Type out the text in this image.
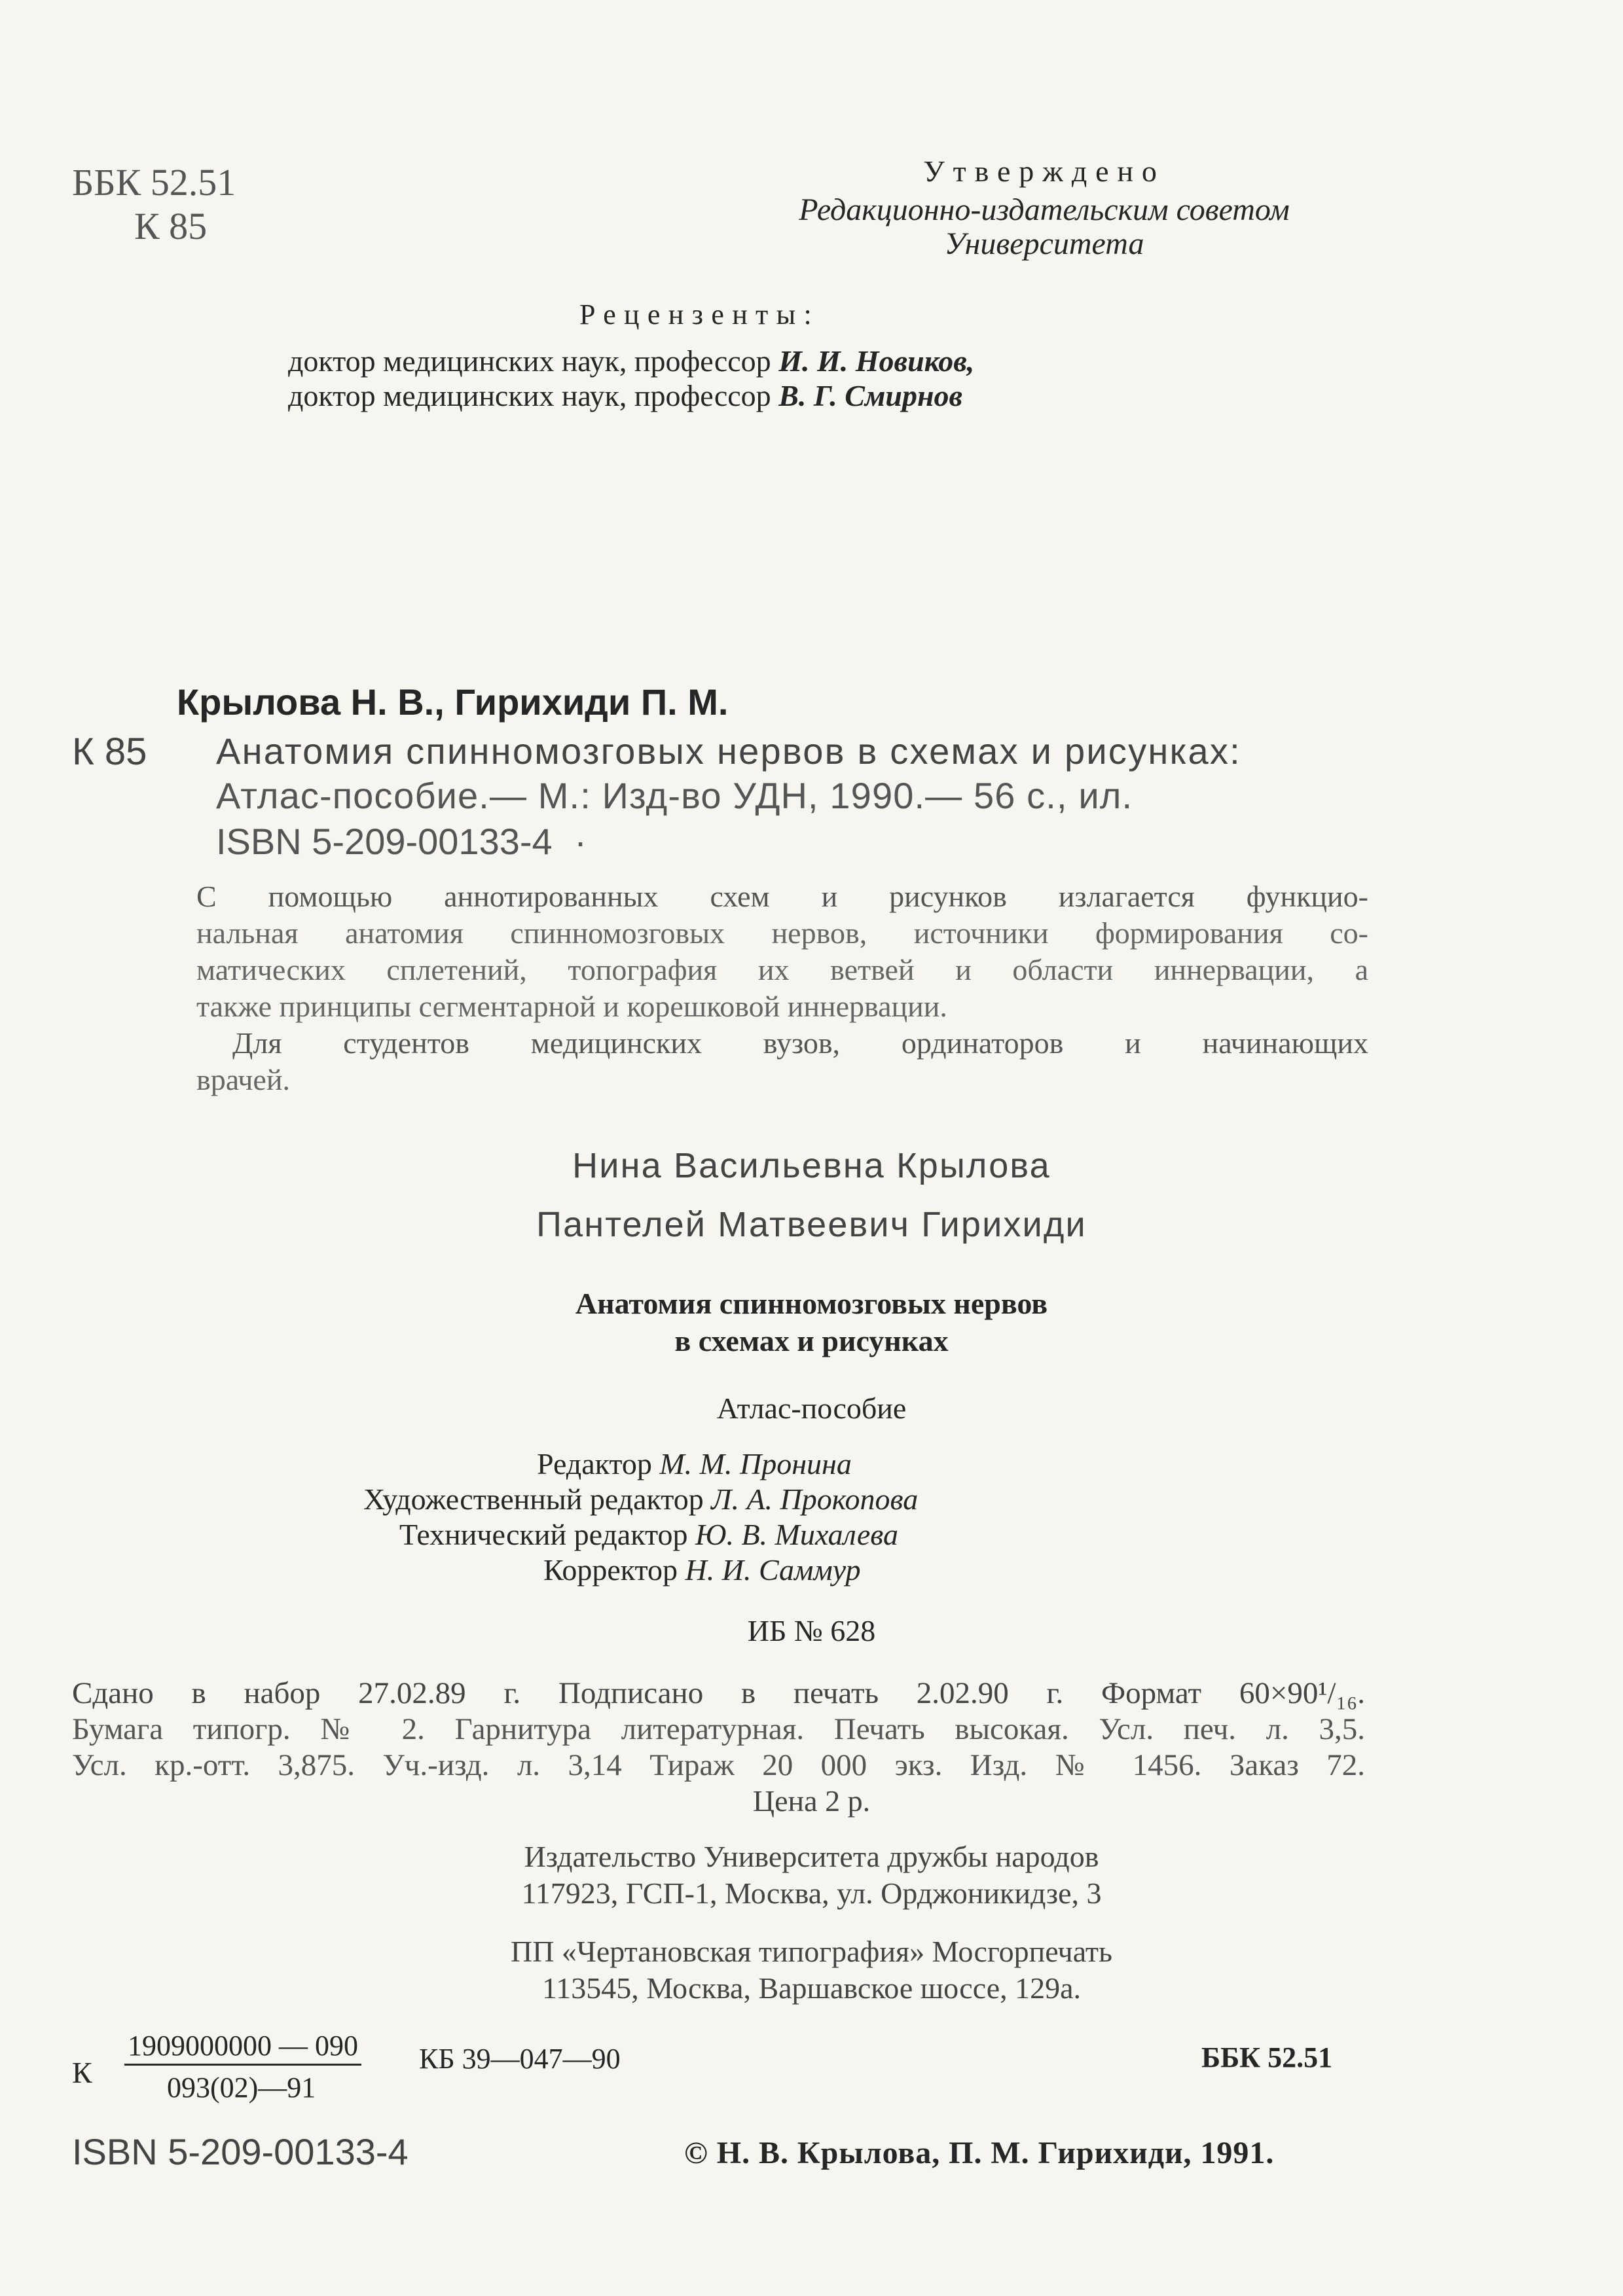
ББК 52.51
К 85
Утверждено
Редакционно-издательским советом
Университета
Рецензенты:
доктор медицинских наук, профессор И. И. Новиков,
доктор медицинских наук, профессор В. Г. Смирнов
Крылова Н. В., Гирихиди П. М.
К 85 Анатомия спинномозговых нервов в схемах и рисунках:
Атлас-пособие.— М.: Изд-во УДН, 1990.— 56 с., ил.
ISBN 5-209-00133-4 ·
С помощью аннотированных схем и рисунков излагается функцио-
нальная анатомия спинномозговых нервов, источники формирования со-
матических сплетений, топография их ветвей и области иннервации, а
также принципы сегментарной и корешковой иннервации.
Для студентов медицинских вузов, ординаторов и начинающих
врачей.
Нина Васильевна Крылова
Пантелей Матвеевич Гирихиди
Анатомия спинномозговых нервов
в схемах и рисунках
Атлас-пособие
Редактор М. М. Пронина
Художественный редактор Л. А. Прокопова
Технический редактор Ю. В. Михалева
Корректор Н. И. Саммур
ИБ № 628
Сдано в набор 27.02.89 г. Подписано в печать 2.02.90 г. Формат 60×90¹/₁₆.
Бумага типогр. № 2. Гарнитура литературная. Печать высокая. Усл. печ. л. 3,5.
Усл. кр.-отт. 3,875. Уч.-изд. л. 3,14 Тираж 20 000 экз. Изд. № 1456. Заказ 72.
Цена 2 р.
Издательство Университета дружбы народов
117923, ГСП-1, Москва, ул. Орджоникидзе, 3
ПП «Чертановская типография» Мосгорпечать
113545, Москва, Варшавское шоссе, 129а.
К $\frac{1909000000 — 090}{093(02)—91}$ КБ 39—047—90	ББК 52.51
ISBN 5-209-00133-4	© Н. В. Крылова, П. М. Гирихиди, 1991.
